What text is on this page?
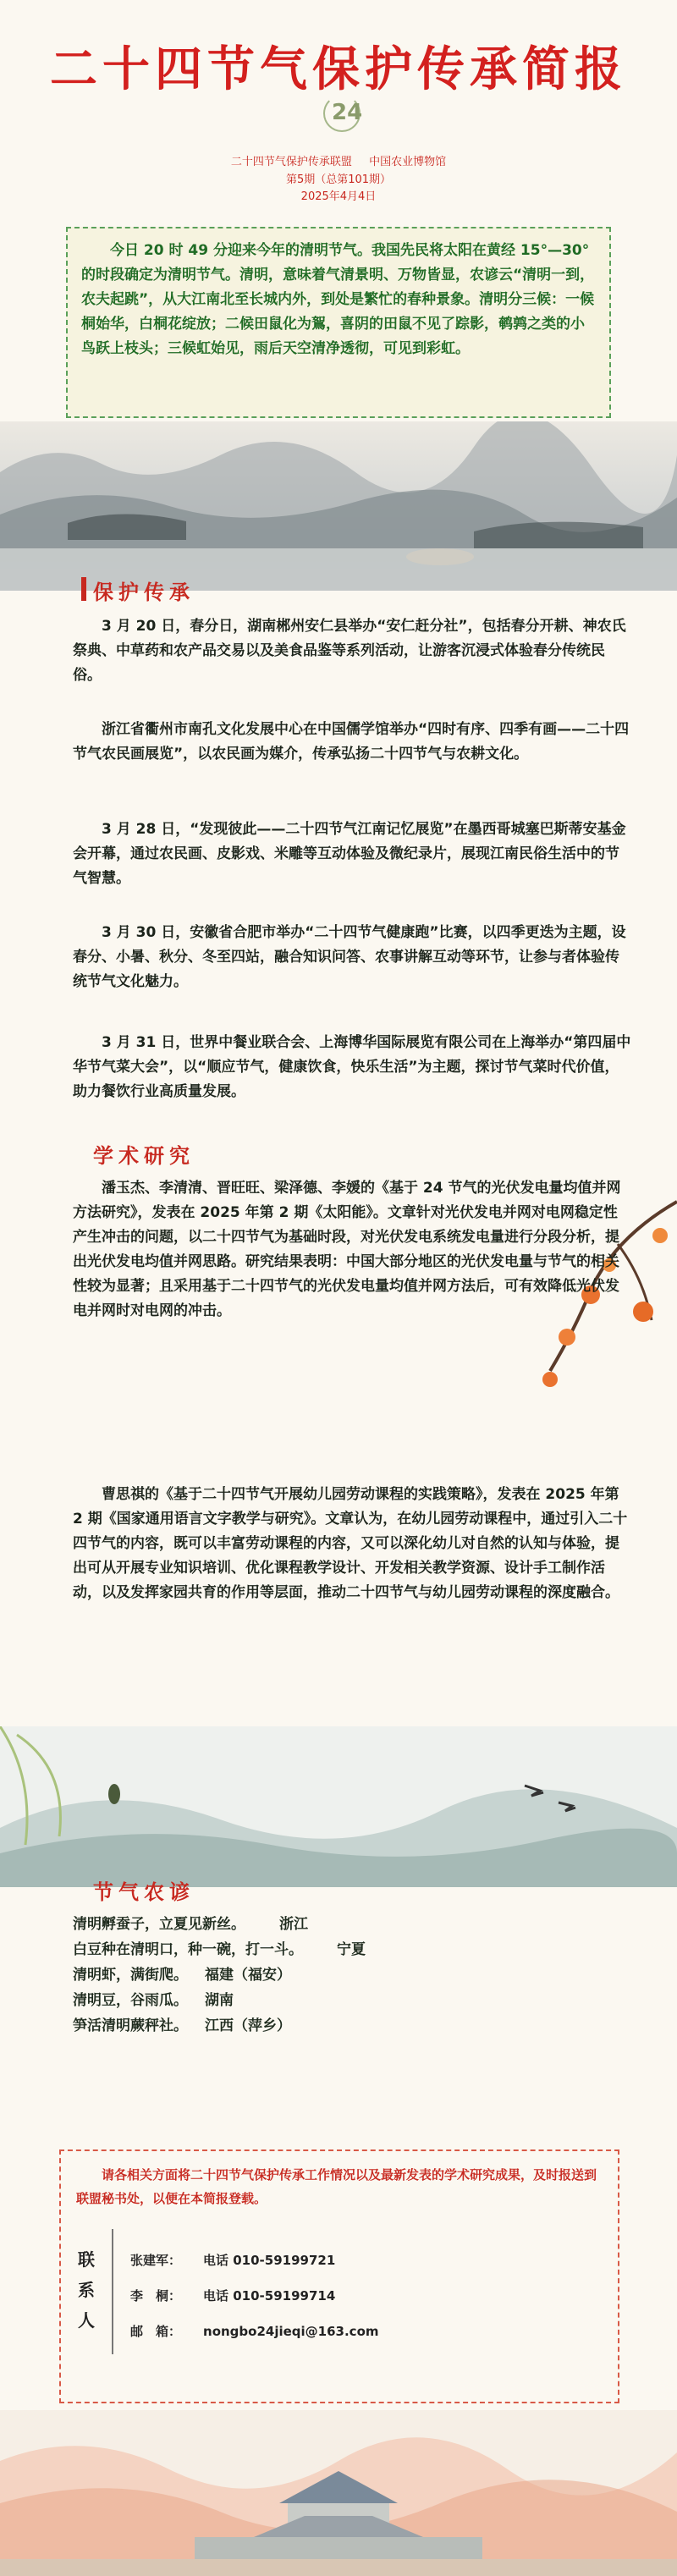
二十四节气保护传承简报
24
二十四节气保护传承联盟 中国农业博物馆
第5期（总第101期）
2025年4月4日
今日 20 时 49 分迎来今年的清明节气。我国先民将太阳在黄经 15°—30°的时段确定为清明节气。清明，意味着气清景明、万物皆显，农谚云“清明一到，农夫起跳”，从大江南北至长城内外，到处是繁忙的春种景象。清明分三候：一候桐始华，白桐花绽放；二候田鼠化为鴽，喜阴的田鼠不见了踪影，鹌鹑之类的小鸟跃上枝头；三候虹始见，雨后天空清净透彻，可见到彩虹。
保护传承
3 月 20 日，春分日，湖南郴州安仁县举办“安仁赶分社”，包括春分开耕、神农氏祭典、中草药和农产品交易以及美食品鉴等系列活动，让游客沉浸式体验春分传统民俗。
浙江省衢州市南孔文化发展中心在中国儒学馆举办“四时有序、四季有画——二十四节气农民画展览”，以农民画为媒介，传承弘扬二十四节气与农耕文化。
3 月 28 日，“发现彼此——二十四节气江南记忆展览”在墨西哥城塞巴斯蒂安基金会开幕，通过农民画、皮影戏、米雕等互动体验及微纪录片，展现江南民俗生活中的节气智慧。
3 月 30 日，安徽省合肥市举办“二十四节气健康跑”比赛，以四季更迭为主题，设春分、小暑、秋分、冬至四站，融合知识问答、农事讲解互动等环节，让参与者体验传统节气文化魅力。
3 月 31 日，世界中餐业联合会、上海博华国际展览有限公司在上海举办“第四届中华节气菜大会”，以“顺应节气，健康饮食，快乐生活”为主题，探讨节气菜时代价值，助力餐饮行业高质量发展。
学术研究
潘玉杰、李清清、晋旺旺、梁泽德、李媛的《基于 24 节气的光伏发电量均值并网方法研究》，发表在 2025 年第 2 期《太阳能》。文章针对光伏发电并网对电网稳定性产生冲击的问题，以二十四节气为基础时段，对光伏发电系统发电量进行分段分析，提出光伏发电均值并网思路。研究结果表明：中国大部分地区的光伏发电量与节气的相关性较为显著；且采用基于二十四节气的光伏发电量均值并网方法后，可有效降低光伏发电并网时对电网的冲击。
曹思祺的《基于二十四节气开展幼儿园劳动课程的实践策略》，发表在 2025 年第 2 期《国家通用语言文字教学与研究》。文章认为，在幼儿园劳动课程中，通过引入二十四节气的内容，既可以丰富劳动课程的内容，又可以深化幼儿对自然的认知与体验，提出可从开展专业知识培训、优化课程教学设计、开发相关教学资源、设计手工制作活动，以及发挥家园共育的作用等层面，推动二十四节气与幼儿园劳动课程的深度融合。
节气农谚
清明孵蚕子，立夏见新丝。 浙江
白豆种在清明口，种一碗，打一斗。 宁夏
清明虾，满街爬。 福建（福安）
清明豆，谷雨瓜。 湖南
笋活清明蕨秤社。 江西（萍乡）
请各相关方面将二十四节气保护传承工作情况以及最新发表的学术研究成果，及时报送到联盟秘书处，以便在本简报登载。
联系人
张建军： 电话 010-59199721
李　桐： 电话 010-59199714
邮　箱： nongbo24jieqi@163.com
